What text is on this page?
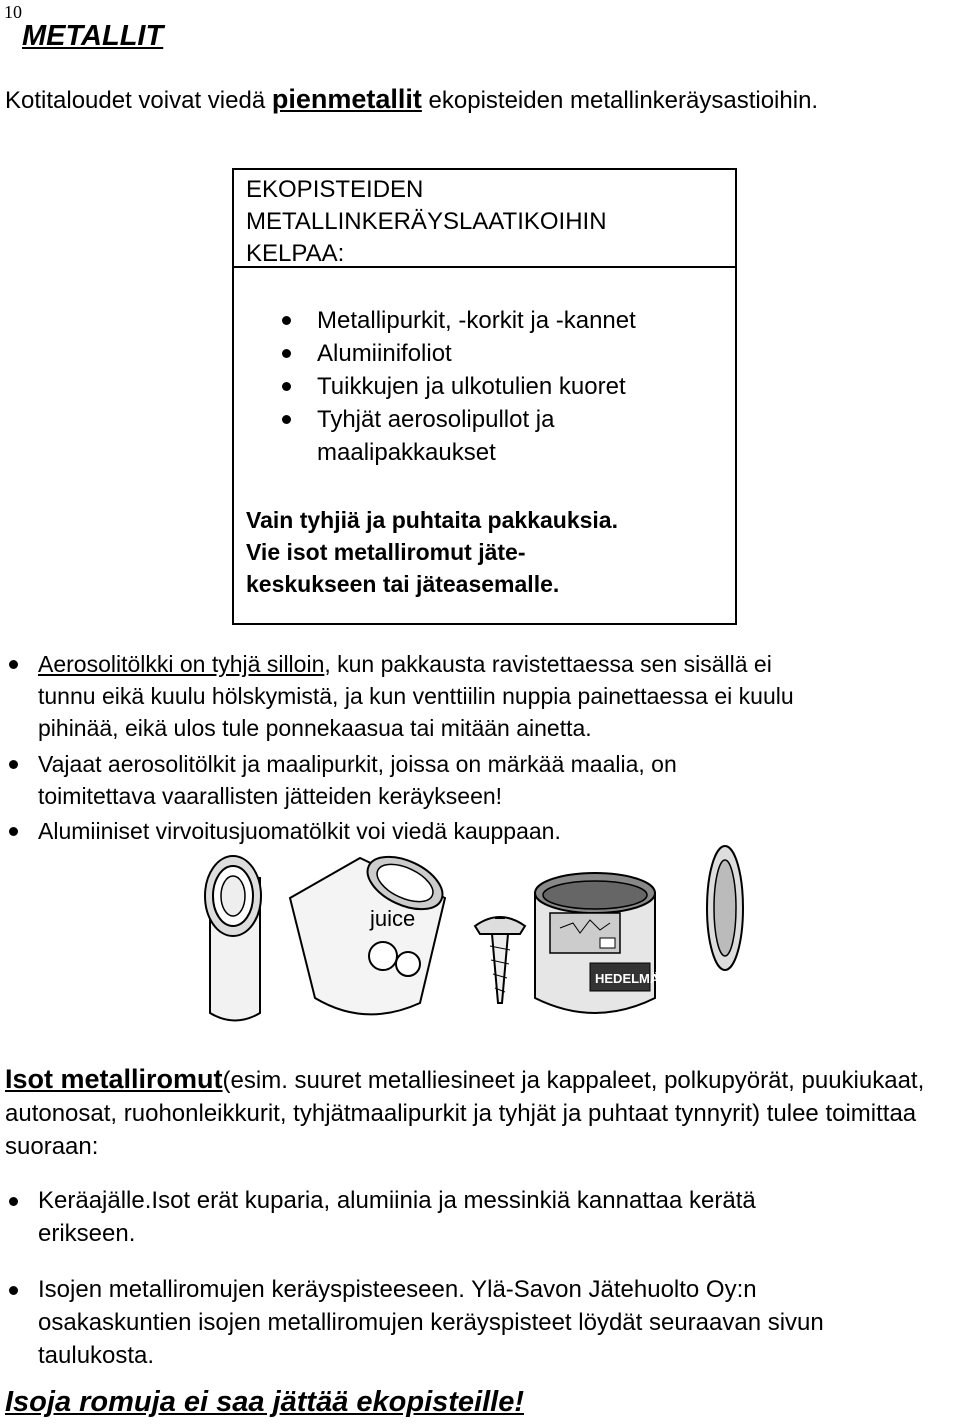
10
METALLIT
Kotitaloudet voivat viedä pienmetallit ekopisteiden metallinkeräysastioihin.
EKOPISTEIDEN
METALLINKERÄYSLAATIKOIHIN
KELPAA:
Metallipurkit, -korkit ja -kannet
Alumiinifoliot
Tuikkujen ja ulkotulien kuoret
Tyhjät aerosolipullot ja
maalipakkaukset
Vain tyhjiä ja puhtaita pakkauksia.
Vie isot metalliromut jäte-
keskukseen tai jäteasemalle.
Aerosolitölkki on tyhjä silloin, kun pakkausta ravistettaessa sen sisällä ei
tunnu eikä kuulu hölskymistä, ja kun venttiilin nuppia painettaessa ei kuulu
pihinää, eikä ulos tule ponnekaasua tai mitään ainetta.
Vajaat aerosolitölkit ja maalipurkit, joissa on märkää maalia, on
toimitettava vaarallisten jätteiden keräykseen!
Alumiiniset virvoitusjuomatölkit voi viedä kauppaan.
juice
HEDELMÄ
Isot metalliromut(esim. suuret metalliesineet ja kappaleet, polkupyörät, puukiukaat, autonosat, ruohonleikkurit, tyhjätmaalipurkit ja tyhjät ja puhtaat tynnyrit) tulee toimittaa suoraan:
Keräajälle.Isot erät kuparia, alumiinia ja messinkiä kannattaa kerätä
erikseen.
Isojen metalliromujen keräyspisteeseen. Ylä-Savon Jätehuolto Oy:n
osakaskuntien isojen metalliromujen keräyspisteet löydät seuraavan sivun
taulukosta.
Isoja romuja ei saa jättää ekopisteille!
